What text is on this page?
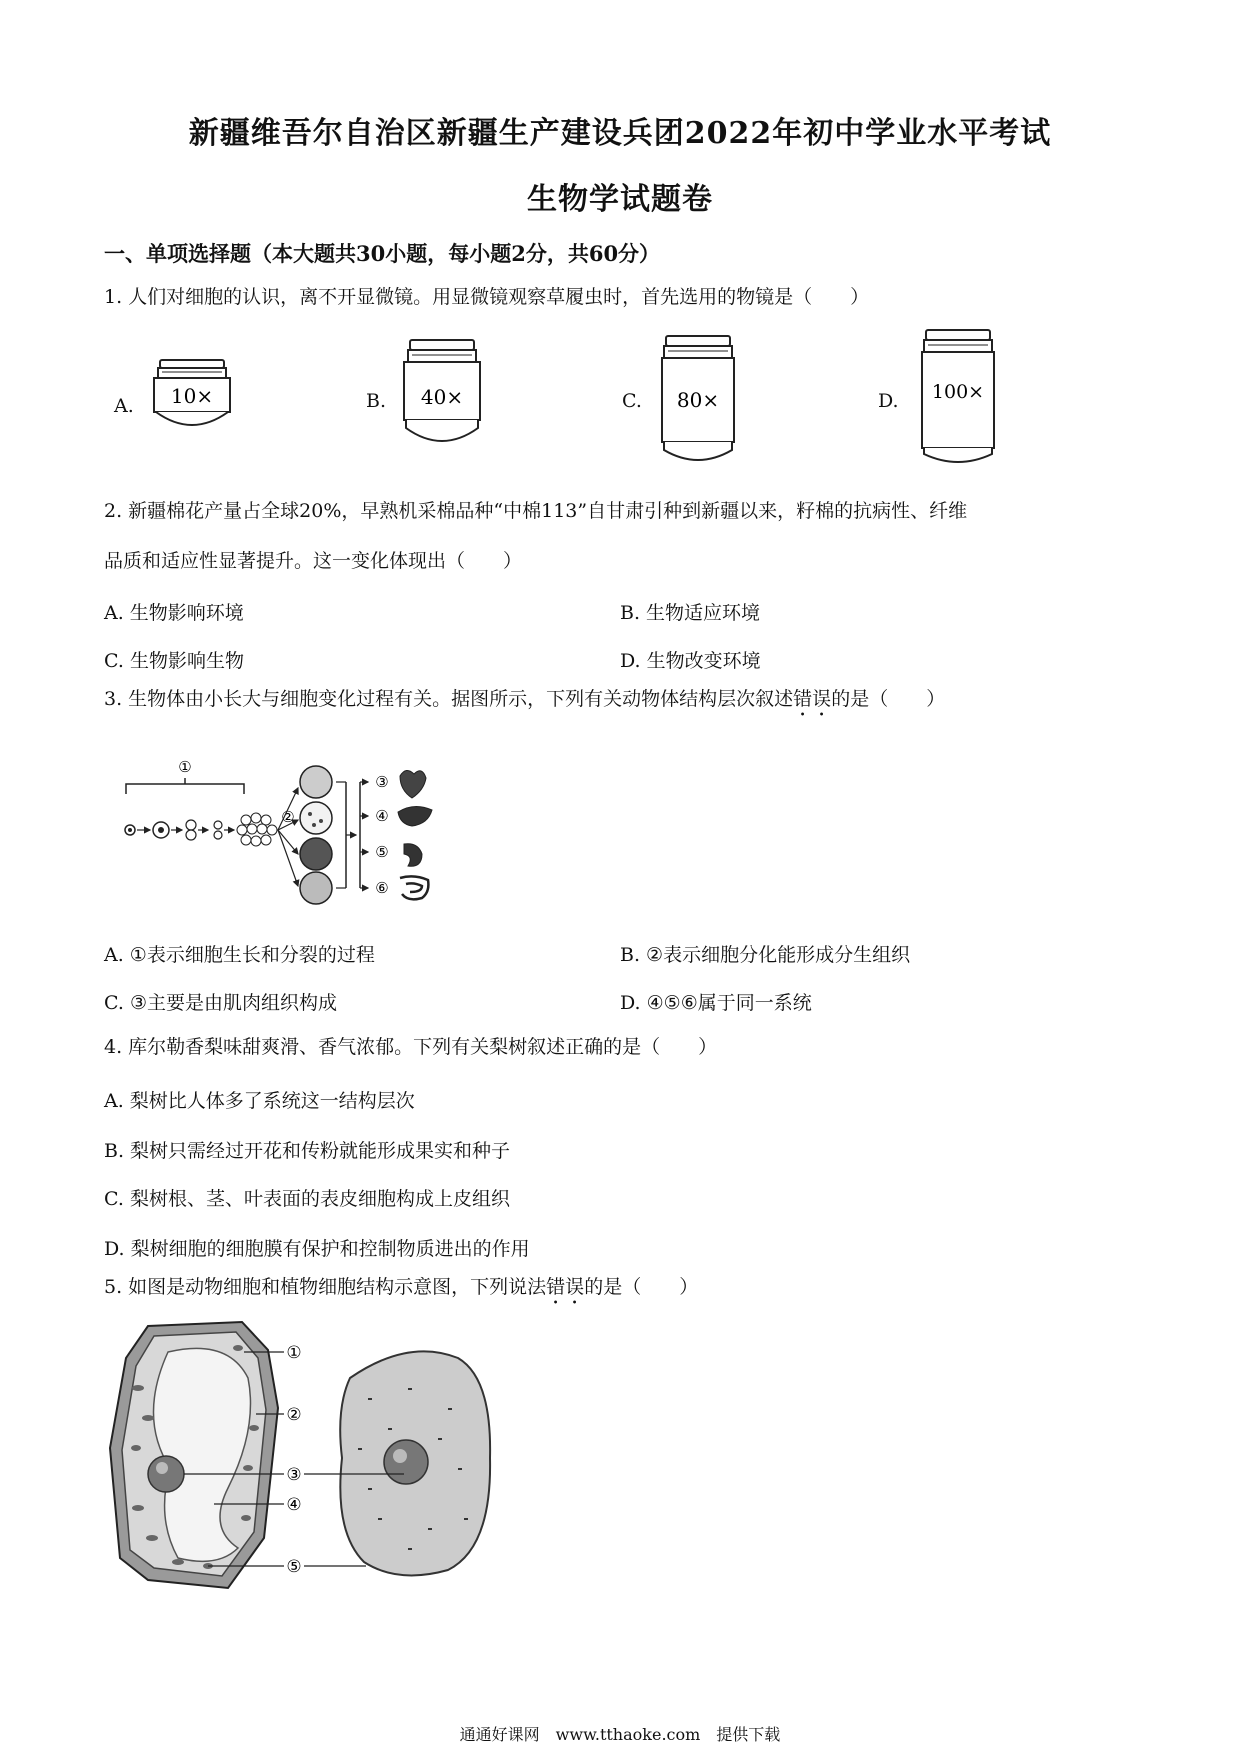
新疆维吾尔自治区新疆生产建设兵团2022年初中学业水平考试
生物学试题卷
一、单项选择题（本大题共30小题，每小题2分，共60分）
1. 人们对细胞的认识，离不开显微镜。用显微镜观察草履虫时，首先选用的物镜是（　　）
A. 10×	B. 40×	C. 80×	D. 100×
2. 新疆棉花产量占全球20%，早熟机采棉品种“中棉113”自甘肃引种到新疆以来，籽棉的抗病性、纤维
品质和适应性显著提升。这一变化体现出（　　）
A. 生物影响环境	B. 生物适应环境
C. 生物影响生物	D. 生物改变环境
3. 生物体由小长大与细胞变化过程有关。据图所示，下列有关动物体结构层次叙述错误的是（　　）
①
②
③
④
⑤
⑥
A. ①表示细胞生长和分裂的过程	B. ②表示细胞分化能形成分生组织
C. ③主要是由肌肉组织构成	D. ④⑤⑥属于同一系统
4. 库尔勒香梨味甜爽滑、香气浓郁。下列有关梨树叙述正确的是（　　）
A. 梨树比人体多了系统这一结构层次
B. 梨树只需经过开花和传粉就能形成果实和种子
C. 梨树根、茎、叶表面的表皮细胞构成上皮组织
D. 梨树细胞的细胞膜有保护和控制物质进出的作用
5. 如图是动物细胞和植物细胞结构示意图，下列说法错误的是（　　）
①
②
③
④
⑤
通通好课网　www.tthaoke.com　提供下载
